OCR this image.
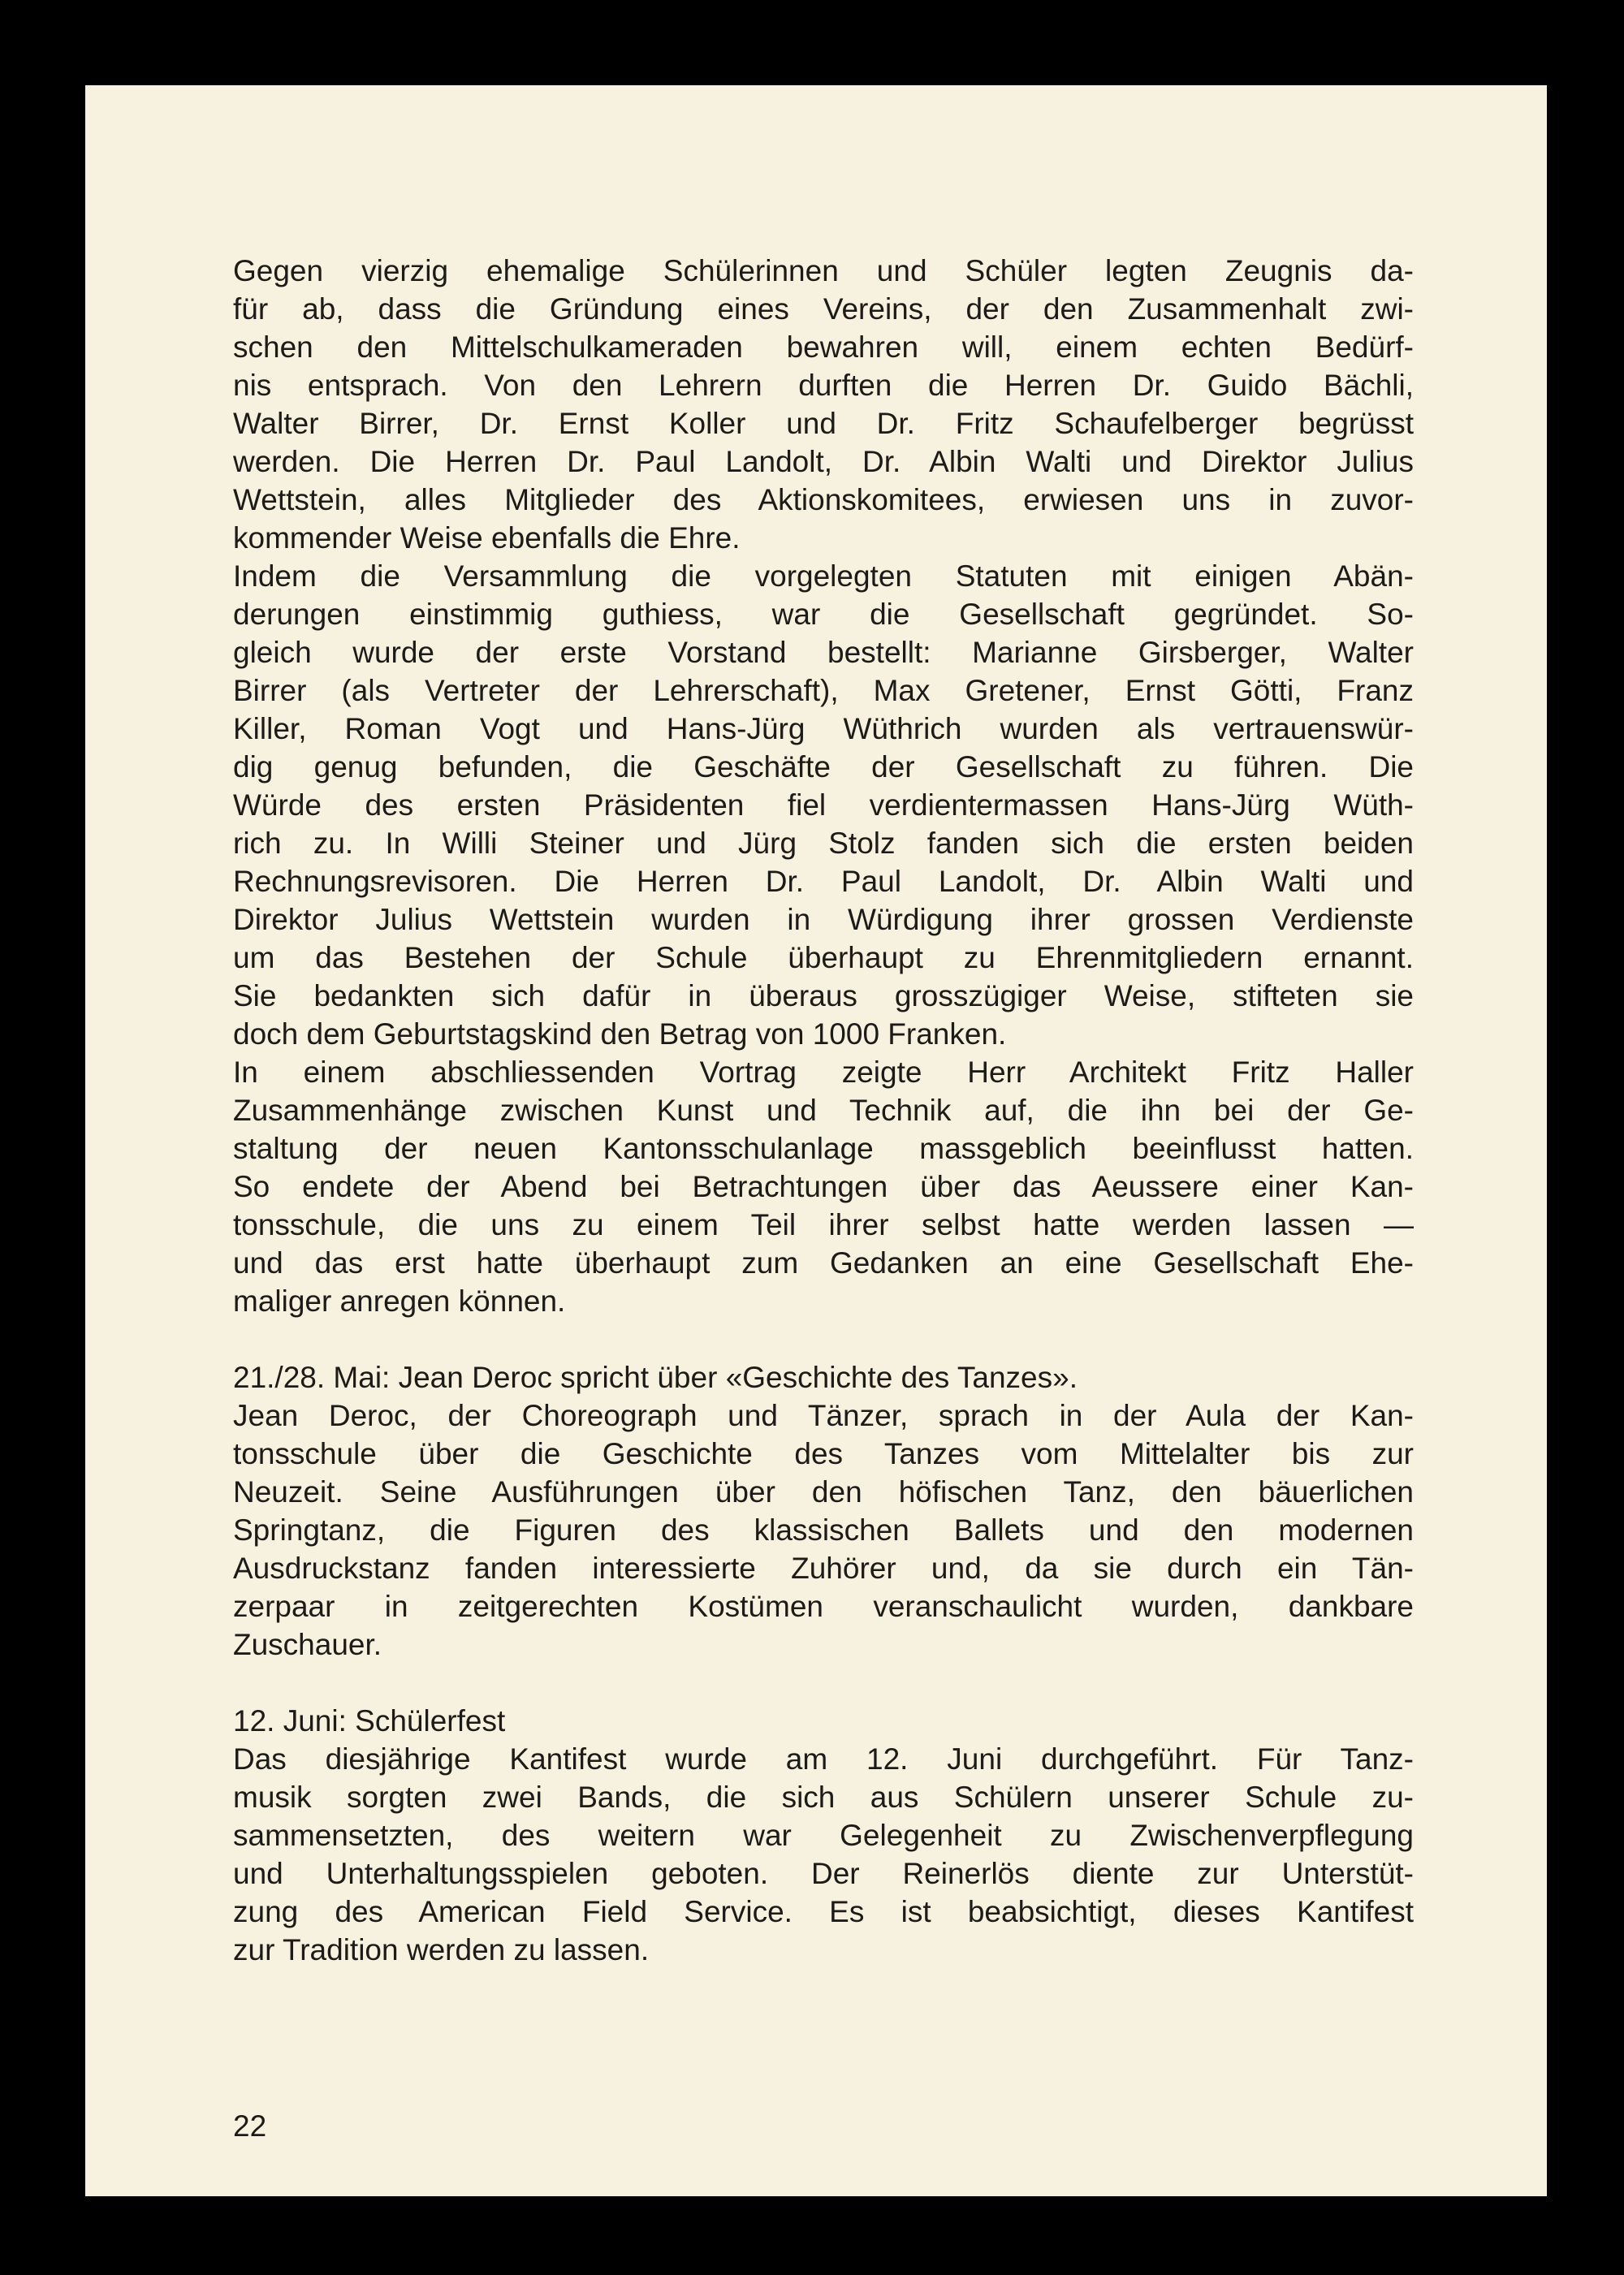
Gegen vierzig ehemalige Schülerinnen und Schüler legten Zeugnis da-
für ab, dass die Gründung eines Vereins, der den Zusammenhalt zwi-
schen den Mittelschulkameraden bewahren will, einem echten Bedürf-
nis entsprach. Von den Lehrern durften die Herren Dr. Guido Bächli,
Walter Birrer, Dr. Ernst Koller und Dr. Fritz Schaufelberger begrüsst
werden. Die Herren Dr. Paul Landolt, Dr. Albin Walti und Direktor Julius
Wettstein, alles Mitglieder des Aktionskomitees, erwiesen uns in zuvor-
kommender Weise ebenfalls die Ehre.
Indem die Versammlung die vorgelegten Statuten mit einigen Abän-
derungen einstimmig guthiess, war die Gesellschaft gegründet. So-
gleich wurde der erste Vorstand bestellt: Marianne Girsberger, Walter
Birrer (als Vertreter der Lehrerschaft), Max Gretener, Ernst Götti, Franz
Killer, Roman Vogt und Hans-Jürg Wüthrich wurden als vertrauenswür-
dig genug befunden, die Geschäfte der Gesellschaft zu führen. Die
Würde des ersten Präsidenten fiel verdientermassen Hans-Jürg Wüth-
rich zu. In Willi Steiner und Jürg Stolz fanden sich die ersten beiden
Rechnungsrevisoren. Die Herren Dr. Paul Landolt, Dr. Albin Walti und
Direktor Julius Wettstein wurden in Würdigung ihrer grossen Verdienste
um das Bestehen der Schule überhaupt zu Ehrenmitgliedern ernannt.
Sie bedankten sich dafür in überaus grosszügiger Weise, stifteten sie
doch dem Geburtstagskind den Betrag von 1000 Franken.
In einem abschliessenden Vortrag zeigte Herr Architekt Fritz Haller
Zusammenhänge zwischen Kunst und Technik auf, die ihn bei der Ge-
staltung der neuen Kantonsschulanlage massgeblich beeinflusst hatten.
So endete der Abend bei Betrachtungen über das Aeussere einer Kan-
tonsschule, die uns zu einem Teil ihrer selbst hatte werden lassen —
und das erst hatte überhaupt zum Gedanken an eine Gesellschaft Ehe-
maliger anregen können.
21./28. Mai: Jean Deroc spricht über «Geschichte des Tanzes».
Jean Deroc, der Choreograph und Tänzer, sprach in der Aula der Kan-
tonsschule über die Geschichte des Tanzes vom Mittelalter bis zur
Neuzeit. Seine Ausführungen über den höfischen Tanz, den bäuerlichen
Springtanz, die Figuren des klassischen Ballets und den modernen
Ausdruckstanz fanden interessierte Zuhörer und, da sie durch ein Tän-
zerpaar in zeitgerechten Kostümen veranschaulicht wurden, dankbare
Zuschauer.
12. Juni: Schülerfest
Das diesjährige Kantifest wurde am 12. Juni durchgeführt. Für Tanz-
musik sorgten zwei Bands, die sich aus Schülern unserer Schule zu-
sammensetzten, des weitern war Gelegenheit zu Zwischenverpflegung
und Unterhaltungsspielen geboten. Der Reinerlös diente zur Unterstüt-
zung des American Field Service. Es ist beabsichtigt, dieses Kantifest
zur Tradition werden zu lassen.
22
